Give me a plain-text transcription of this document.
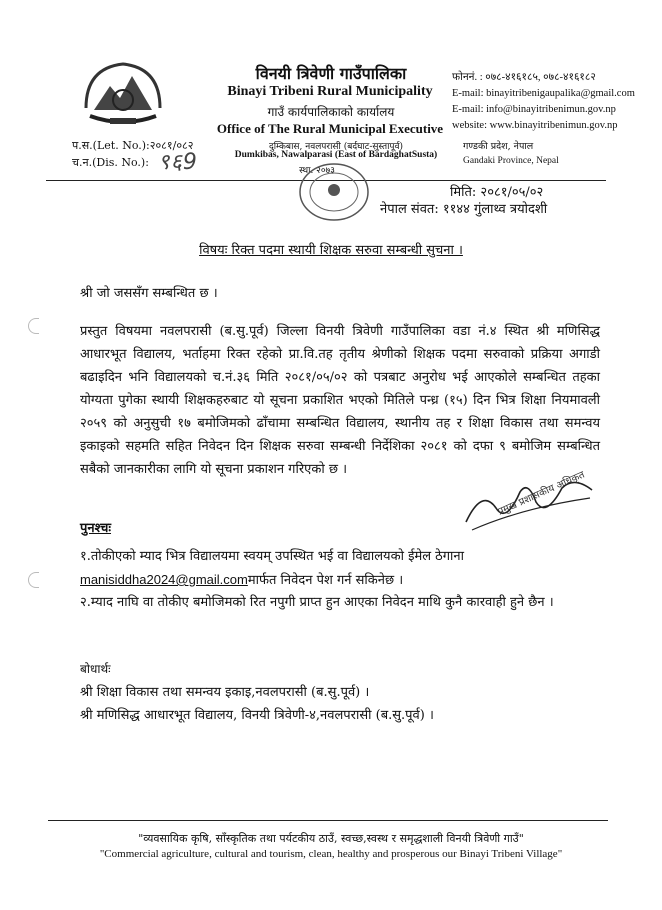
प.स.(Let. No.):२०८१/०८२
च.न.(Dis. No.): ९६9
विनयी त्रिवेणी गाउँपालिका
Binayi Tribeni Rural Municipality
गाउँ कार्यपालिकाको कार्यालय
Office of The Rural Municipal Executive
दुम्किबास, नवलपरासी (बर्दघाट-सुस्तापूर्व)
Dumkibas, Nawalparasi (East of BardaghatSusta)
स्था. २०७३
फोननं. : ०७८-४१६१८५, ०७८-४१६१८२
E-mail: binayitribenigaupalika@gmail.com
E-mail: info@binayitribenimun.gov.np
website: www.binayitribenimun.gov.np
गण्डकी प्रदेश, नेपाल
Gandaki Province, Nepal
मिति: २०८१/०५/०२
नेपाल संवत: ११४४ गुंलाथ्व त्रयोदशी
विषयः रिक्त पदमा स्थायी शिक्षक सरुवा सम्बन्धी सुचना ।
श्री जो जससँग सम्बन्धित छ ।
प्रस्तुत विषयमा नवलपरासी (ब.सु.पूर्व) जिल्ला विनयी त्रिवेणी गाउँपालिका वडा नं.४ स्थित श्री मणिसिद्ध आधारभूत विद्यालय, भर्ताहमा रिक्त रहेको प्रा.वि.तह तृतीय श्रेणीको शिक्षक पदमा सरुवाको प्रक्रिया अगाडी बढाइदिन भनि विद्यालयको च.नं.३६ मिति २०८१/०५/०२ को पत्रबाट अनुरोध भई आएकोले सम्बन्धित तहका योग्यता पुगेका स्थायी शिक्षकहरुबाट यो सूचना प्रकाशित भएको मितिले पन्ध्र (१५) दिन भित्र शिक्षा नियमावली २०५९ को अनुसुची १७ बमोजिमको ढाँचामा सम्बन्धित विद्यालय, स्थानीय तह र शिक्षा विकास तथा समन्वय इकाइको सहमति सहित निवेदन दिन शिक्षक सरुवा सम्बन्धी निर्देशिका २०८१ को दफा ९ बमोजिम सम्बन्धित सबैको जानकारीका लागि यो सूचना प्रकाशन गरिएको छ ।
पुनश्चः
१.तोकीएको म्याद भित्र विद्यालयमा स्वयम् उपस्थित भई वा विद्यालयको ईमेल ठेगाना
manisiddha2024@gmail.comमार्फत निवेदन पेश गर्न सकिनेछ ।
२.म्याद नाघि वा तोकीए बमोजिमको रित नपुगी प्राप्त हुन आएका निवेदन माथि कुनै कारवाही हुने छैन ।
प्रमुख प्रशासकीय अधिकृत
बोधार्थः
श्री शिक्षा विकास तथा समन्वय इकाइ,नवलपरासी (ब.सु.पूर्व) ।
श्री मणिसिद्ध आधारभूत विद्यालय, विनयी त्रिवेणी-४,नवलपरासी (ब.सु.पूर्व) ।
"व्यवसायिक कृषि, साँस्कृतिक तथा पर्यटकीय ठाउँ, स्वच्छ,स्वस्थ र समृद्धशाली विनयी त्रिवेणी गाउँ"
"Commercial agriculture, cultural and tourism, clean, healthy and prosperous our Binayi Tribeni Village"
